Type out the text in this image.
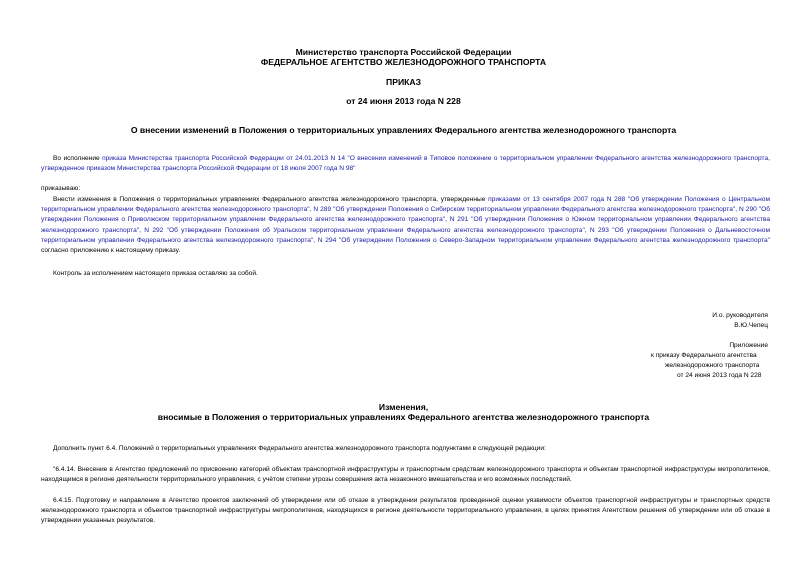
Министерство транспорта Российской Федерации
ФЕДЕРАЛЬНОЕ АГЕНТСТВО ЖЕЛЕЗНОДОРОЖНОГО ТРАНСПОРТА
ПРИКАЗ
от 24 июня 2013 года N 228
О внесении изменений в Положения о территориальных управлениях Федерального агентства железнодорожного транспорта
Во исполнение приказа Министерства транспорта Российской Федерации от 24.01.2013 N 14 "О внесении изменений в Типовое положение о территориальном управлении Федерального агентства железнодорожного транспорта, утвержденное приказом Министерства транспорта Российской Федерации от 18 июля 2007 года N 98"
приказываю:
Внести изменения в Положения о территориальных управлениях Федерального агентства железнодорожного транспорта, утвержденные приказами от 13 сентября 2007 года N 288 "Об утверждении Положения о Центральном территориальном управлении Федерального агентства железнодорожного транспорта", N 289 "Об утверждении Положения о Сибирском территориальном управлении Федерального агентства железнодорожного транспорта", N 290 "Об утверждении Положения о Приволжском территориальном управлении Федерального агентства железнодорожного транспорта", N 291 "Об утверждении Положения о Южном территориальном управлении Федерального агентства железнодорожного транспорта", N 292 "Об утверждении Положения об Уральском территориальном управлении Федерального агентства железнодорожного транспорта", N 293 "Об утверждении Положения о Дальневосточном территориальном управлении Федерального агентства железнодорожного транспорта", N 294 "Об утверждении Положения о Северо-Западном территориальном управлении Федерального агентства железнодорожного транспорта" согласно приложению к настоящему приказу.
Контроль за исполнением настоящего приказа оставляю за собой.
И.о. руководителя
В.Ю.Чепец
Приложение
к приказу Федерального агентства
железнодорожного транспорта
от 24 июня 2013 года N 228
Изменения,
вносимые в Положения о территориальных управлениях Федерального агентства железнодорожного транспорта
Дополнить пункт 6.4. Положений о территориальных управлениях Федерального агентства железнодорожного транспорта подпунктами в следующей редакции:
"6.4.14. Внесение в Агентство предложений по присвоению категорий объектам транспортной инфраструктуры и транспортным средствам железнодорожного транспорта и объектам транспортной инфраструктуры метрополитенов, находящимся в регионе деятельности территориального управления, с учётом степени угрозы совершения акта незаконного вмешательства и его возможных последствий.
6.4.15. Подготовку и направление в Агентство проектов заключений об утверждении или об отказе в утверждении результатов проведенной оценки уязвимости объектов транспортной инфраструктуры и транспортных средств железнодорожного транспорта и объектов транспортной инфраструктуры метрополитенов, находящихся в регионе деятельности территориального управления, в целях принятия Агентством решения об утверждении или об отказе в утверждении указанных результатов.
